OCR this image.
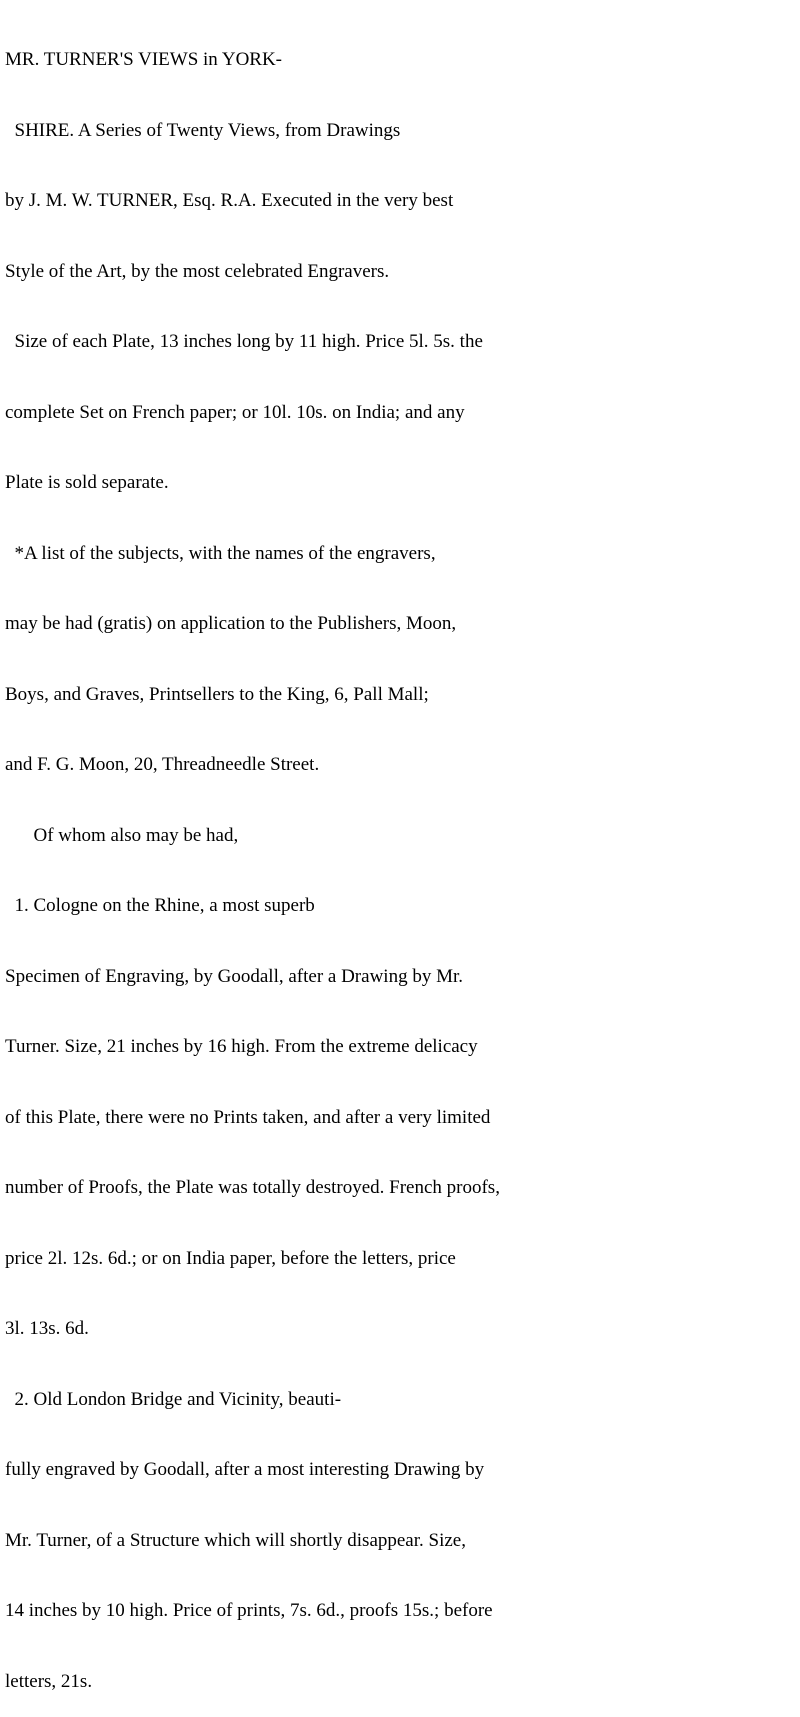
MR. TURNER'S VIEWS in YORK-

SHIRE. A Series of Twenty Views, from Drawings

by J. M. W. TURNER, Esq. R.A. Executed in the very best

Style of the Art, by the most celebrated Engravers.

Size of each Plate, 13 inches long by 11 high. Price 5l. 5s. the

complete Set on French paper; or 10l. 10s. on India; and any

Plate is sold separate.

*A list of the subjects, with the names of the engravers,

may be had (gratis) on application to the Publishers, Moon,

Boys, and Graves, Printsellers to the King, 6, Pall Mall;

and F. G. Moon, 20, Threadneedle Street.

Of whom also may be had,

1. Cologne on the Rhine, a most superb

Specimen of Engraving, by Goodall, after a Drawing by Mr.

Turner. Size, 21 inches by 16 high. From the extreme delicacy

of this Plate, there were no Prints taken, and after a very limited

number of Proofs, the Plate was totally destroyed. French proofs,

price 2l. 12s. 6d.; or on India paper, before the letters, price

3l. 13s. 6d.

2. Old London Bridge and Vicinity, beauti-

fully engraved by Goodall, after a most interesting Drawing by

Mr. Turner, of a Structure which will shortly disappear. Size,

14 inches by 10 high. Price of prints, 7s. 6d., proofs 15s.; before

letters, 21s.
